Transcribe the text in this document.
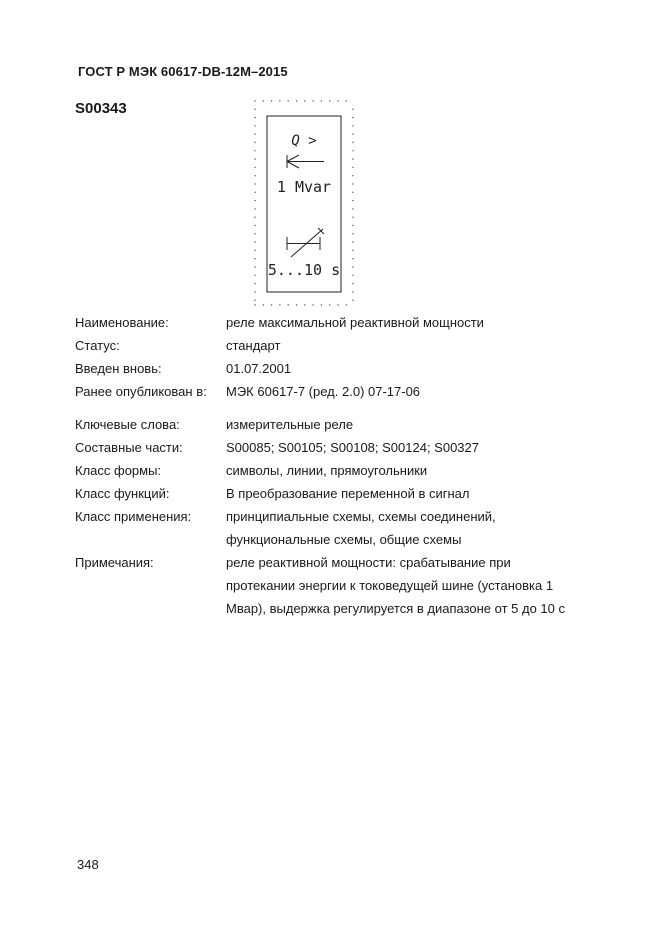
ГОСТ Р МЭК 60617-DB-12M–2015
S00343
Q >
1 Mvar
5...10 s
Наименование:	реле максимальной реактивной мощности
Статус:	стандарт
Введен вновь:	01.07.2001
Ранее опубликован в: МЭК 60617-7 (ред. 2.0) 07-17-06
Ключевые слова:	измерительные реле
Составные части:	S00085; S00105; S00108; S00124; S00327
Класс формы:	символы, линии, прямоугольники
Класс функций:	В преобразование переменной в сигнал
Класс применения:	принципиальные схемы, схемы соединений,
функциональные схемы, общие схемы
Примечания:	реле реактивной мощности: срабатывание при
протекании энергии к токоведущей шине (установка 1
Мвар), выдержка регулируется в диапазоне от 5 до 10 с
348
